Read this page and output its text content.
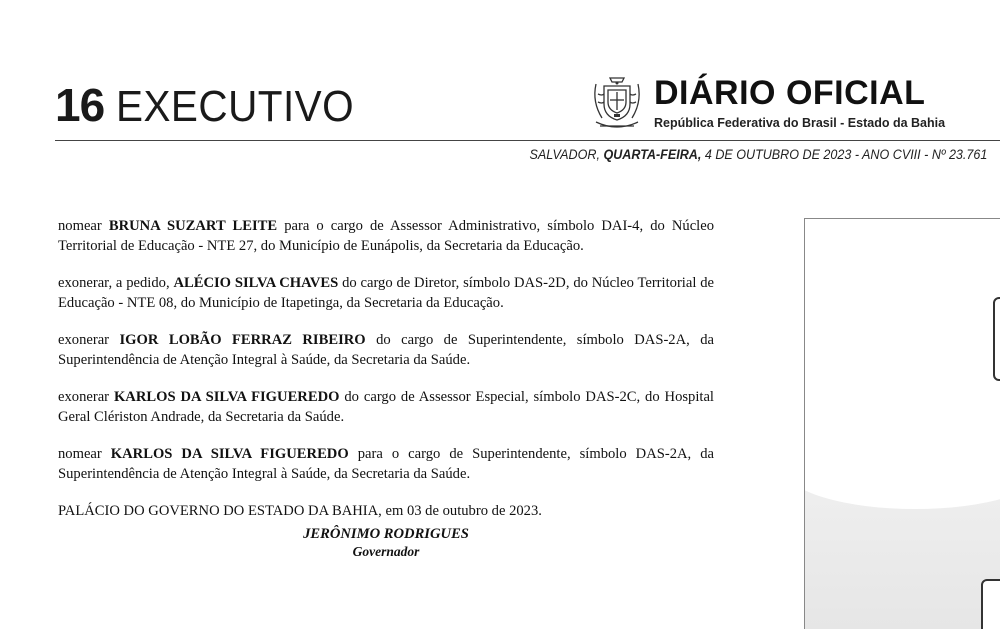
16 EXECUTIVO	DIÁRIO OFICIAL
República Federativa do Brasil - Estado da Bahia
SALVADOR, QUARTA-FEIRA, 4 DE OUTUBRO DE 2023 - ANO CVIII - Nº 23.761

nomear BRUNA SUZART LEITE para o cargo de Assessor Administrativo, símbolo DAI-4, do Núcleo Territorial de Educação - NTE 27, do Município de Eunápolis, da Secretaria da Educação.

exonerar, a pedido, ALÉCIO SILVA CHAVES do cargo de Diretor, símbolo DAS-2D, do Núcleo Territorial de Educação - NTE 08, do Município de Itapetinga, da Secretaria da Educação.

exonerar IGOR LOBÃO FERRAZ RIBEIRO do cargo de Superintendente, símbolo DAS-2A, da Superintendência de Atenção Integral à Saúde, da Secretaria da Saúde.

exonerar KARLOS DA SILVA FIGUEREDO do cargo de Assessor Especial, símbolo DAS-2C, do Hospital Geral Clériston Andrade, da Secretaria da Saúde.

nomear KARLOS DA SILVA FIGUEREDO para o cargo de Superintendente, símbolo DAS-2A, da Superintendência de Atenção Integral à Saúde, da Secretaria da Saúde.

PALÁCIO DO GOVERNO DO ESTADO DA BAHIA, em 03 de outubro de 2023.

JERÔNIMO RODRIGUES
Governador
